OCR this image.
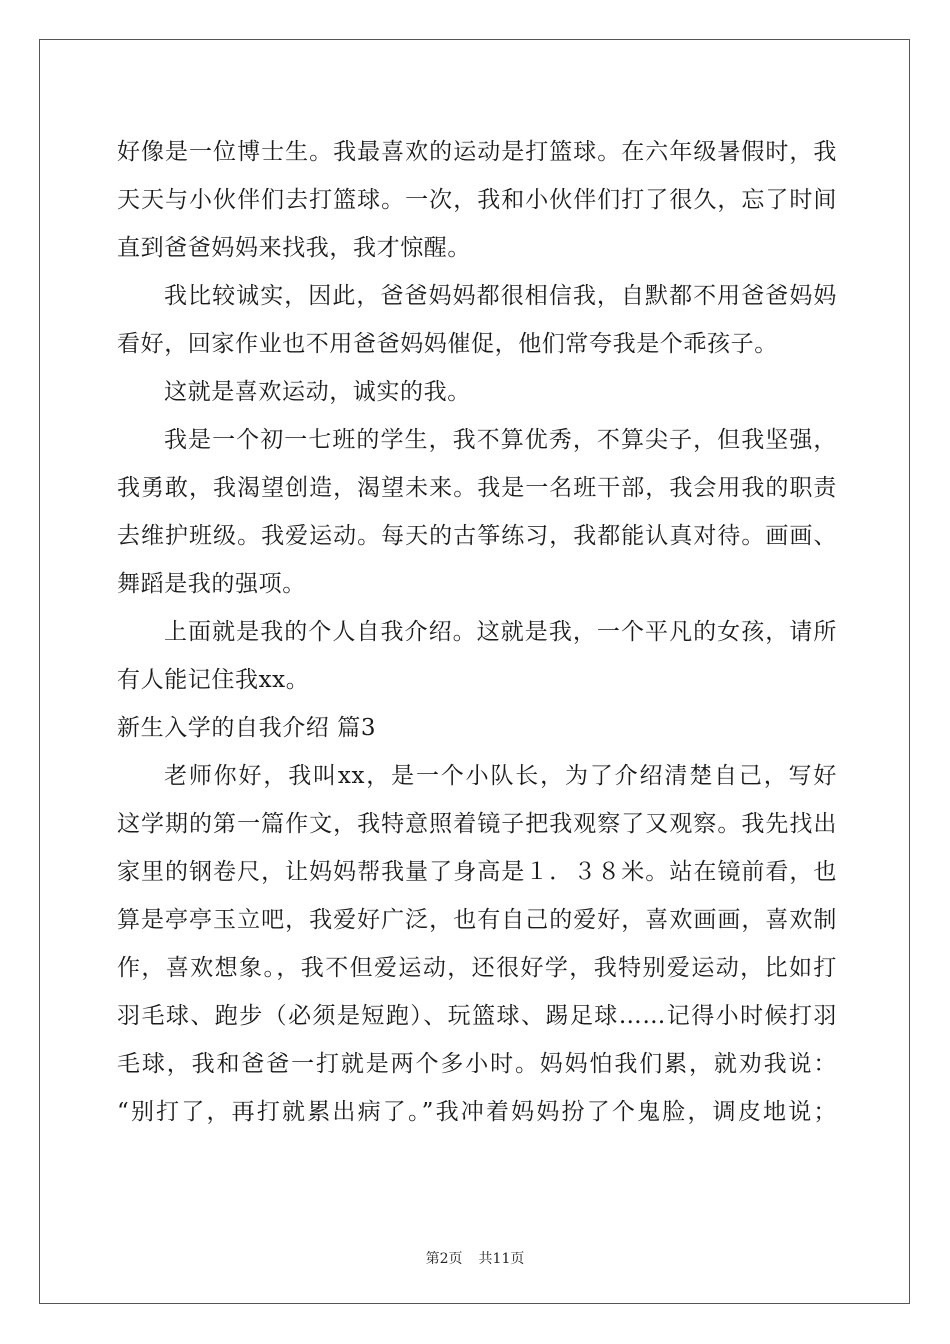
好像是一位博士生。我最喜欢的运动是打篮球。在六年级暑假时，我
天天与小伙伴们去打篮球。一次，我和小伙伴们打了很久，忘了时间
直到爸爸妈妈来找我，我才惊醒。
我比较诚实，因此，爸爸妈妈都很相信我，自默都不用爸爸妈妈
看好，回家作业也不用爸爸妈妈催促，他们常夸我是个乖孩子。
这就是喜欢运动，诚实的我。
我是一个初一七班的学生，我不算优秀，不算尖子，但我坚强，
我勇敢，我渴望创造，渴望未来。我是一名班干部，我会用我的职责
去维护班级。我爱运动。每天的古筝练习，我都能认真对待。画画、
舞蹈是我的强项。
上面就是我的个人自我介绍。这就是我，一个平凡的女孩，请所
有人能记住我xx。
新生入学的自我介绍 篇3
老师你好，我叫xx，是一个小队长，为了介绍清楚自己，写好
这学期的第一篇作文，我特意照着镜子把我观察了又观察。我先找出
家里的钢卷尺，让妈妈帮我量了身高是１．３８米。站在镜前看，也
算是亭亭玉立吧，我爱好广泛，也有自己的爱好，喜欢画画，喜欢制
作，喜欢想象。，我不但爱运动，还很好学，我特别爱运动，比如打
羽毛球、跑步（必须是短跑）、玩篮球、踢足球……记得小时候打羽
毛球，我和爸爸一打就是两个多小时。妈妈怕我们累，就劝我说：
“别打了，再打就累出病了。”我冲着妈妈扮了个鬼脸，调皮地说；
第2页 共11页
